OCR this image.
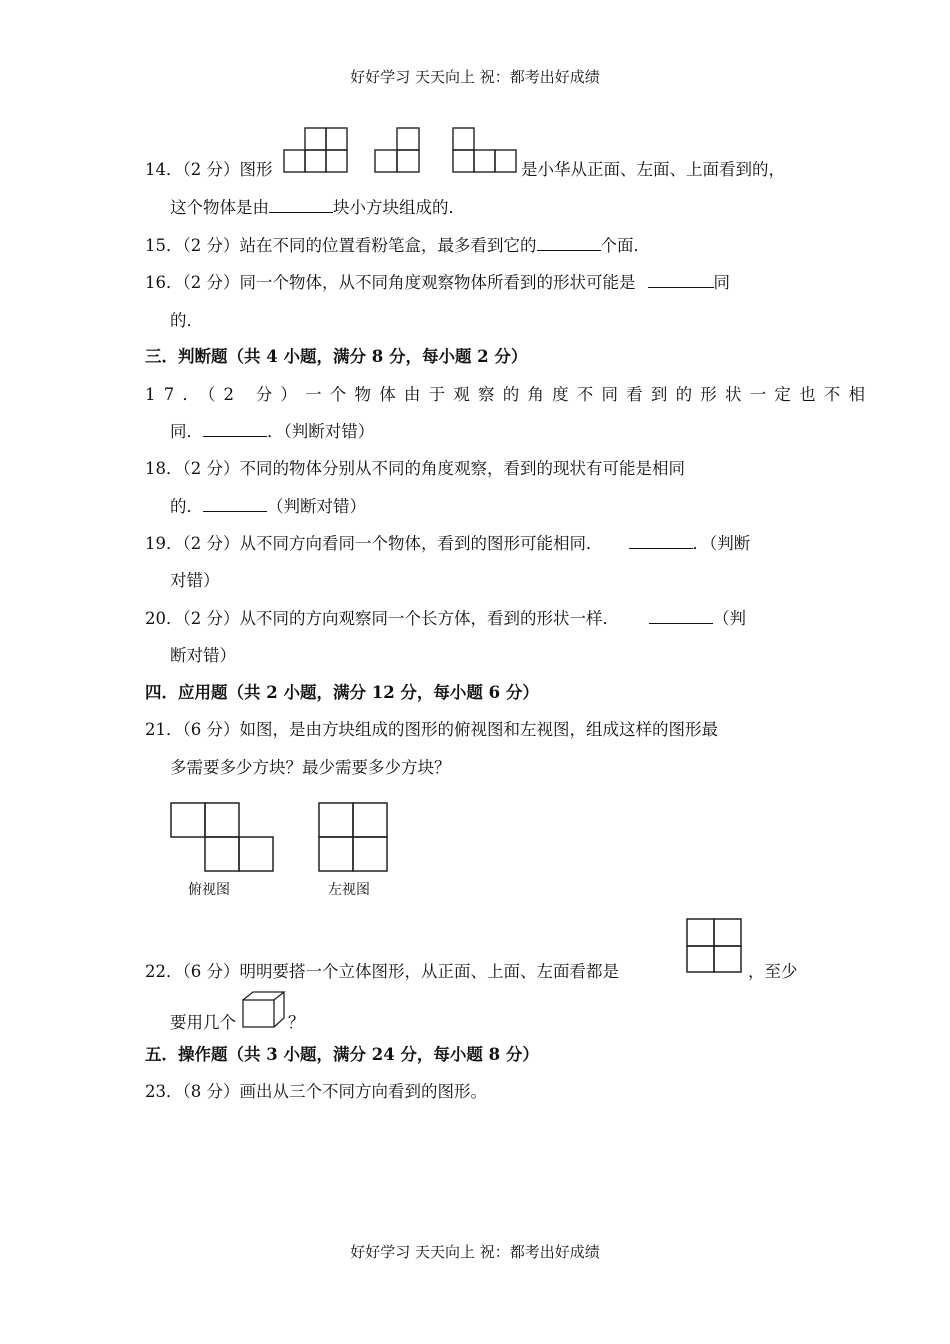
好好学习 天天向上 祝：都考出好成绩
14．（2 分）图形	是小华从正面、左面、上面看到的，
这个物体是由	块小方块组成的．
15．（2 分）站在不同的位置看粉笔盒，最多看到它的	个面．
16．（2 分）同一个物体，从不同角度观察物体所看到的形状可能是	同
的．
三．判断题（共 4 小题，满分 8 分，每小题 2 分）
17．（2 分）一个物体由于观察的角度不同看到的形状一定也不相
同．	．（判断对错）
18．（2 分）不同的物体分别从不同的角度观察，看到的现状有可能是相同
的．	（判断对错）
19．（2 分）从不同方向看同一个物体，看到的图形可能相同．	．（判断
对错）
20．（2 分）从不同的方向观察同一个长方体，看到的形状一样．	（判
断对错）
四．应用题（共 2 小题，满分 12 分，每小题 6 分）
21．（6 分）如图，是由方块组成的图形的俯视图和左视图，组成这样的图形最
多需要多少方块？最少需要多少方块？
俯视图	左视图
22．（6 分）明明要搭一个立体图形，从正面、上面、左面看都是	，至少
要用几个	？
五．操作题（共 3 小题，满分 24 分，每小题 8 分）
23．（8 分）画出从三个不同方向看到的图形。
好好学习 天天向上 祝：都考出好成绩
